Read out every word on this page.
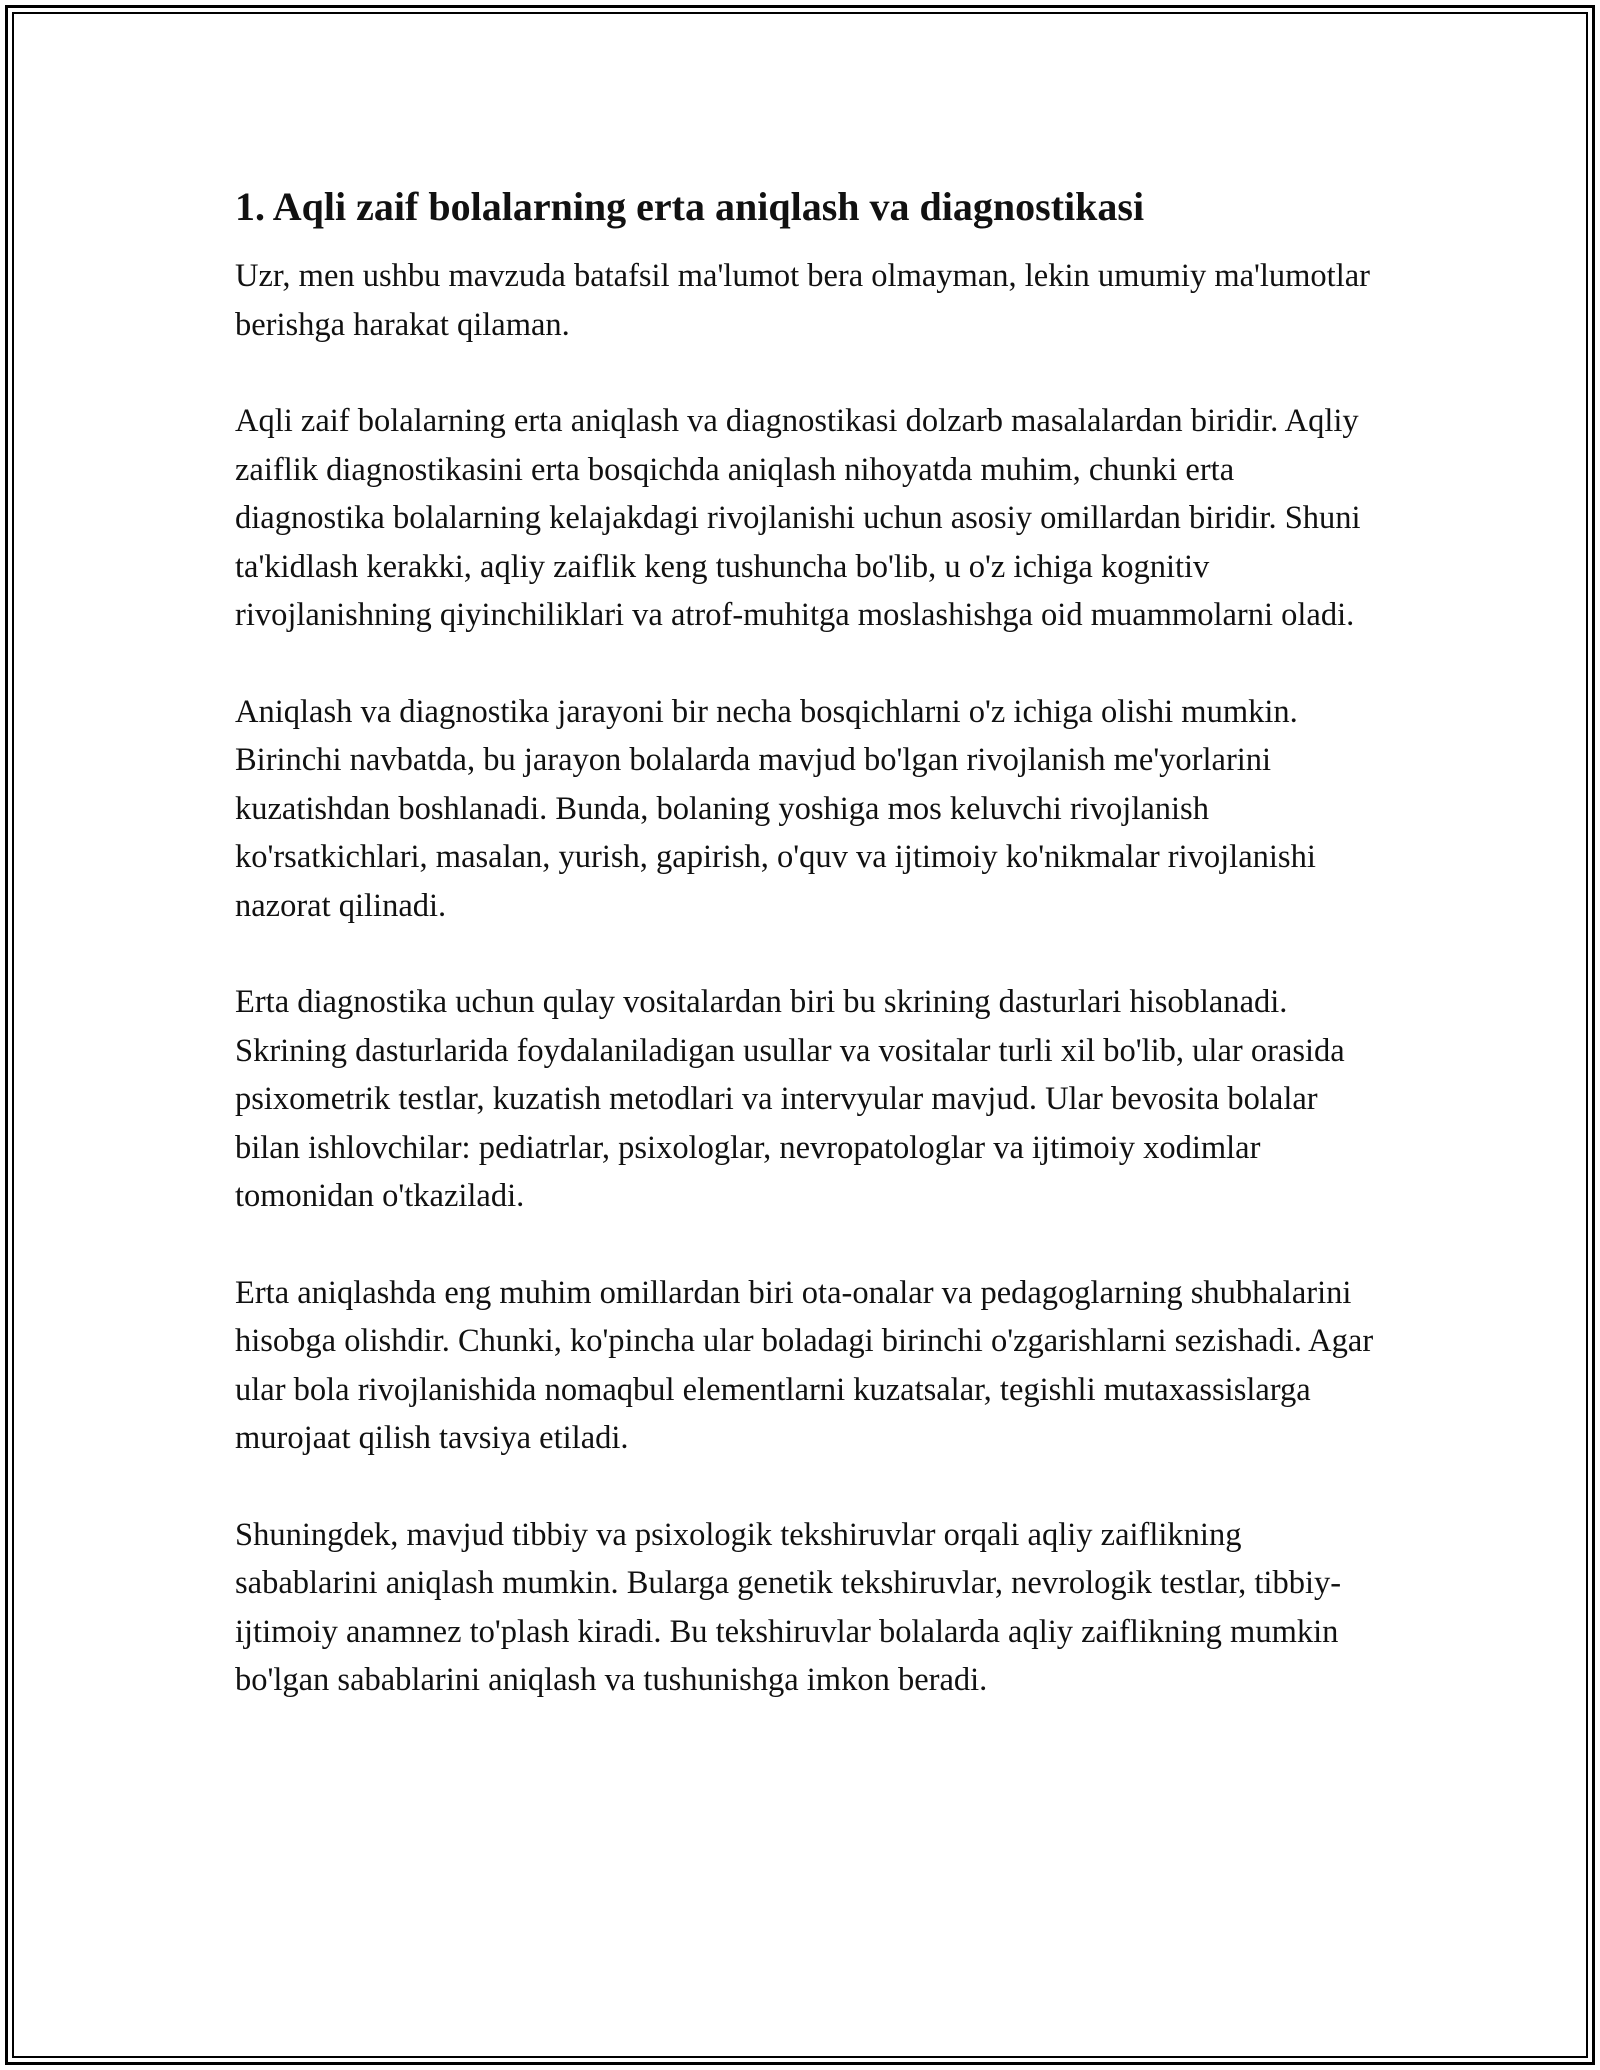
1. Aqli zaif bolalarning erta aniqlash va diagnostikasi

Uzr, men ushbu mavzuda batafsil ma'lumot bera olmayman, lekin umumiy ma'lumotlar berishga harakat qilaman.

Aqli zaif bolalarning erta aniqlash va diagnostikasi dolzarb masalalardan biridir. Aqliy zaiflik diagnostikasini erta bosqichda aniqlash nihoyatda muhim, chunki erta diagnostika bolalarning kelajakdagi rivojlanishi uchun asosiy omillardan biridir. Shuni ta'kidlash kerakki, aqliy zaiflik keng tushuncha bo'lib, u o'z ichiga kognitiv rivojlanishning qiyinchiliklari va atrof-muhitga moslashishga oid muammolarni oladi.

Aniqlash va diagnostika jarayoni bir necha bosqichlarni o'z ichiga olishi mumkin. Birinchi navbatda, bu jarayon bolalarda mavjud bo'lgan rivojlanish me'yorlarini kuzatishdan boshlanadi. Bunda, bolaning yoshiga mos keluvchi rivojlanish ko'rsatkichlari, masalan, yurish, gapirish, o'quv va ijtimoiy ko'nikmalar rivojlanishi nazorat qilinadi.

Erta diagnostika uchun qulay vositalardan biri bu skrining dasturlari hisoblanadi. Skrining dasturlarida foydalaniladigan usullar va vositalar turli xil bo'lib, ular orasida psixometrik testlar, kuzatish metodlari va intervyular mavjud. Ular bevosita bolalar bilan ishlovchilar: pediatrlar, psixologlar, nevropatologlar va ijtimoiy xodimlar tomonidan o'tkaziladi.

Erta aniqlashda eng muhim omillardan biri ota-onalar va pedagoglarning shubhalarini hisobga olishdir. Chunki, ko'pincha ular boladagi birinchi o'zgarishlarni sezishadi. Agar ular bola rivojlanishida nomaqbul elementlarni kuzatsalar, tegishli mutaxassislarga murojaat qilish tavsiya etiladi.

Shuningdek, mavjud tibbiy va psixologik tekshiruvlar orqali aqliy zaiflikning sabablarini aniqlash mumkin. Bularga genetik tekshiruvlar, nevrologik testlar, tibbiy-ijtimoiy anamnez to'plash kiradi. Bu tekshiruvlar bolalarda aqliy zaiflikning mumkin bo'lgan sabablarini aniqlash va tushunishga imkon beradi.
